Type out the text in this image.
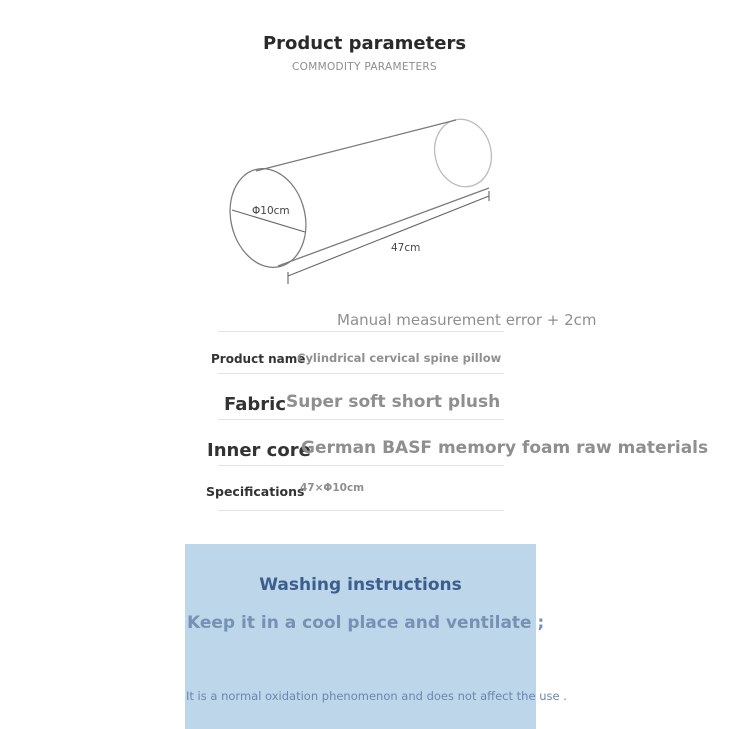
Product parameters
COMMODITY PARAMETERS
Φ10cm
47cm
Manual measurement error + 2cm
Product name
Cylindrical cervical spine pillow
Fabric Super soft short plush
Inner core
German BASF memory foam raw materials
Specifications
47×Φ10cm
Washing instructions
Keep it in a cool place and ventilate ;
It is a normal oxidation phenomenon and does not affect the use .
